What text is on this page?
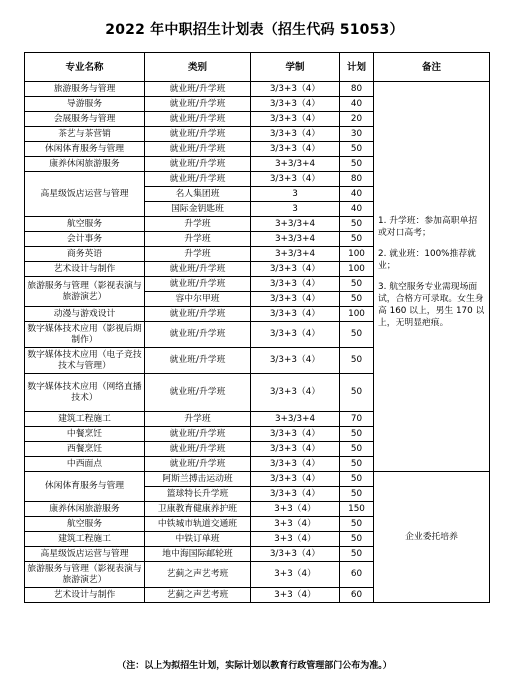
2022 年中职招生计划表（招生代码 51053）
专业名称	类别	学制	计划	备注
旅游服务与管理	就业班/升学班	3/3+3（4）	80	1. 升学班：参加高职单招或对口高考；

2. 就业班：100%推荐就业；

3. 航空服务专业需现场面试，合格方可录取。女生身高 160 以上，男生 170 以上，无明显疤痕。

导游服务	就业班/升学班	3/3+3（4）	40	
会展服务与管理	就业班/升学班	3/3+3（4）	20	
茶艺与茶营销	就业班/升学班	3/3+3（4）	30	
休闲体育服务与管理	就业班/升学班	3/3+3（4）	50	
康养休闲旅游服务	就业班/升学班	3+3/3+4	50	
高星级饭店运营与管理	就业班/升学班	3/3+3（4）	80	
	名人集团班	3	40	
	国际金钥匙班	3	40	
航空服务	升学班	3+3/3+4	50	
会计事务	升学班	3+3/3+4	50	
商务英语	升学班	3+3/3+4	100	
艺术设计与制作	就业班/升学班	3/3+3（4）	100	
旅游服务与管理（影视表演与旅游演艺）	就业班/升学班	3/3+3（4）	50	
	容中尔甲班	3/3+3（4）	50	
动漫与游戏设计	就业班/升学班	3/3+3（4）	100	
数字媒体技术应用（影视后期制作）	就业班/升学班	3/3+3（4）	50	
数字媒体技术应用（电子竞技技术与管理）	就业班/升学班	3/3+3（4）	50	
数字媒体技术应用（网络直播技术）	就业班/升学班	3/3+3（4）	50	
建筑工程施工	升学班	3+3/3+4	70	
中餐烹饪	就业班/升学班	3/3+3（4）	50	
西餐烹饪	就业班/升学班	3/3+3（4）	50	
中西面点	就业班/升学班	3/3+3（4）	50	
休闲体育服务与管理	阿斯兰搏击运动班	3/3+3（4）	50	企业委托培养
	篮球特长升学班	3/3+3（4）	50	
康养休闲旅游服务	卫康教育健康养护班	3+3（4）	150	
航空服务	中铁城市轨道交通班	3+3（4）	50	
建筑工程施工	中铁订单班	3+3（4）	50	
高星级饭店运营与管理	地中海国际邮轮班	3/3+3（4）	50	
旅游服务与管理（影视表演与旅游演艺）	艺蓟之声艺考班	3+3（4）	60	
艺术设计与制作	艺蓟之声艺考班	3+3（4）	60	
（注：以上为拟招生计划，实际计划以教育行政管理部门公布为准。）
